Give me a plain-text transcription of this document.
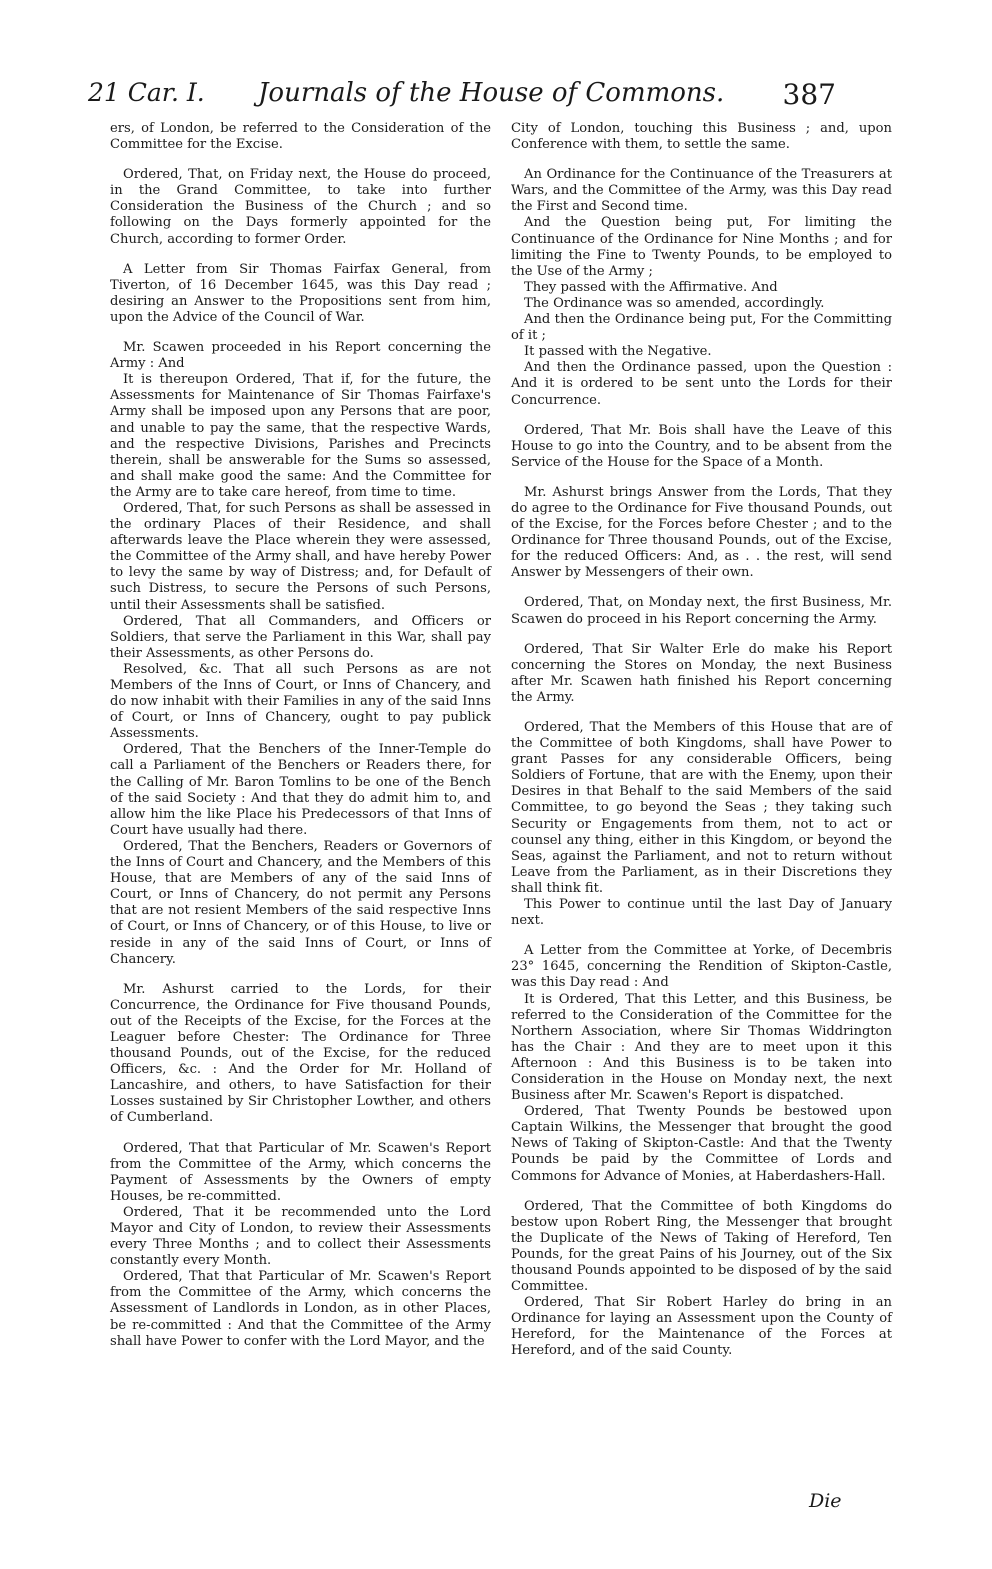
21 Car. I. Journals of the House of Commons. 387

ers, of London, be referred to the Consideration of the Committee for the Excise.

Ordered, That, on Friday next, the House do proceed, in the Grand Committee, to take into further Consideration the Business of the Church ; and so following on the Days formerly appointed for the Church, according to former Order.

A Letter from Sir Thomas Fairfax General, from Tiverton, of 16 December 1645, was this Day read ; desiring an Answer to the Propositions sent from him, upon the Advice of the Council of War.

Mr. Scawen proceeded in his Report concerning the Army : And

It is thereupon Ordered, That if, for the future, the Assessments for Maintenance of Sir Thomas Fairfaxe's Army shall be imposed upon any Persons that are poor, and unable to pay the same, that the respective Wards, and the respective Divisions, Parishes and Precincts therein, shall be answerable for the Sums so assessed, and shall make good the same: And the Committee for the Army are to take care hereof, from time to time.

Ordered, That, for such Persons as shall be assessed in the ordinary Places of their Residence, and shall afterwards leave the Place wherein they were assessed, the Committee of the Army shall, and have hereby Power to levy the same by way of Distress; and, for Default of such Distress, to secure the Persons of such Persons, until their Assessments shall be satisfied.

Ordered, That all Commanders, and Officers or Soldiers, that serve the Parliament in this War, shall pay their Assessments, as other Persons do.

Resolved, &c. That all such Persons as are not Members of the Inns of Court, or Inns of Chancery, and do now inhabit with their Families in any of the said Inns of Court, or Inns of Chancery, ought to pay publick Assessments.

Ordered, That the Benchers of the Inner-Temple do call a Parliament of the Benchers or Readers there, for the Calling of Mr. Baron Tomlins to be one of the Bench of the said Society : And that they do admit him to, and allow him the like Place his Predecessors of that Inns of Court have usually had there.

Ordered, That the Benchers, Readers or Governors of the Inns of Court and Chancery, and the Members of this House, that are Members of any of the said Inns of Court, or Inns of Chancery, do not permit any Persons that are not resient Members of the said respective Inns of Court, or Inns of Chancery, or of this House, to live or reside in any of the said Inns of Court, or Inns of Chancery.

Mr. Ashurst carried to the Lords, for their Concurrence, the Ordinance for Five thousand Pounds, out of the Receipts of the Excise, for the Forces at the Leaguer before Chester: The Ordinance for Three thousand Pounds, out of the Excise, for the reduced Officers, &c. : And the Order for Mr. Holland of Lancashire, and others, to have Satisfaction for their Losses sustained by Sir Christopher Lowther, and others of Cumberland.

Ordered, That that Particular of Mr. Scawen's Report from the Committee of the Army, which concerns the Payment of Assessments by the Owners of empty Houses, be re-committed.

Ordered, That it be recommended unto the Lord Mayor and City of London, to review their Assessments every Three Months ; and to collect their Assessments constantly every Month.

Ordered, That that Particular of Mr. Scawen's Report from the Committee of the Army, which concerns the Assessment of Landlords in London, as in other Places, be re-committed : And that the Committee of the Army shall have Power to confer with the Lord Mayor, and the

City of London, touching this Business ; and, upon Conference with them, to settle the same.

An Ordinance for the Continuance of the Treasurers at Wars, and the Committee of the Army, was this Day read the First and Second time.

And the Question being put, For limiting the Continuance of the Ordinance for Nine Months ; and for limiting the Fine to Twenty Pounds, to be employed to the Use of the Army ;

They passed with the Affirmative. And

The Ordinance was so amended, accordingly.

And then the Ordinance being put, For the Committing of it ;

It passed with the Negative.

And then the Ordinance passed, upon the Question : And it is ordered to be sent unto the Lords for their Concurrence.

Ordered, That Mr. Bois shall have the Leave of this House to go into the Country, and to be absent from the Service of the House for the Space of a Month.

Mr. Ashurst brings Answer from the Lords, That they do agree to the Ordinance for Five thousand Pounds, out of the Excise, for the Forces before Chester ; and to the Ordinance for Three thousand Pounds, out of the Excise, for the reduced Officers: And, as . . the rest, will send Answer by Messengers of their own.

Ordered, That, on Monday next, the first Business, Mr. Scawen do proceed in his Report concerning the Army.

Ordered, That Sir Walter Erle do make his Report concerning the Stores on Monday, the next Business after Mr. Scawen hath finished his Report concerning the Army.

Ordered, That the Members of this House that are of the Committee of both Kingdoms, shall have Power to grant Passes for any considerable Officers, being Soldiers of Fortune, that are with the Enemy, upon their Desires in that Behalf to the said Members of the said Committee, to go beyond the Seas ; they taking such Security or Engagements from them, not to act or counsel any thing, either in this Kingdom, or beyond the Seas, against the Parliament, and not to return without Leave from the Parliament, as in their Discretions they shall think fit.

This Power to continue until the last Day of January next.

A Letter from the Committee at Yorke, of Decembris 23° 1645, concerning the Rendition of Skipton-Castle, was this Day read : And

It is Ordered, That this Letter, and this Business, be referred to the Consideration of the Committee for the Northern Association, where Sir Thomas Widdrington has the Chair : And they are to meet upon it this Afternoon : And this Business is to be taken into Consideration in the House on Monday next, the next Business after Mr. Scawen's Report is dispatched.

Ordered, That Twenty Pounds be bestowed upon Captain Wilkins, the Messenger that brought the good News of Taking of Skipton-Castle: And that the Twenty Pounds be paid by the Committee of Lords and Commons for Advance of Monies, at Haberdashers-Hall.

Ordered, That the Committee of both Kingdoms do bestow upon Robert Ring, the Messenger that brought the Duplicate of the News of Taking of Hereford, Ten Pounds, for the great Pains of his Journey, out of the Six thousand Pounds appointed to be disposed of by the said Committee.

Ordered, That Sir Robert Harley do bring in an Ordinance for laying an Assessment upon the County of Hereford, for the Maintenance of the Forces at Hereford, and of the said County.

Die
